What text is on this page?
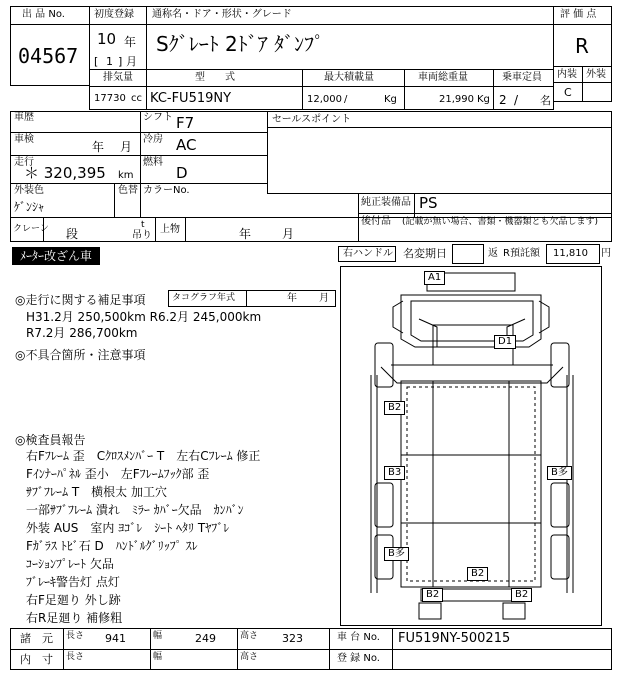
出 品 No.
04567
初度登録 通称名・ドア・形状・グレード
10 年
[ 1 ] 月
Sｸﾞﾚｰﾄ 2ﾄﾞｱ ﾀﾞﾝﾌﾟ
評 価 点
R
内装 外装
C
排気量	型　　式	最大積載量	車両総重量	乗車定員
17730 cc KC-FU519NY	12,000 /	Kg	21,990 Kg 2 / 名
車歴	シフト F7	セールスポイント
車検
年 月
冷房 AC
走行
＊ 320,395 km
燃料
D
外装色
ｹﾞﾝｼｬ
色替 カラーNo.
純正装備品 PS
後付品 (記載が無い場合、書類・機器類とも欠品します)
クレーン 段
t
吊り
上物	年	月
ﾒｰﾀｰ改ざん車	右ハンドル 名変期日	返 R預託額 11,810 円
◎走行に関する補足事項	タコグラフ年式	年 月
H31.2月 250,500km R6.2月 245,000km
R7.2月 286,700km
◎不具合箇所・注意事項
◎検査員報告
右Fﾌﾚｰﾑ 歪　Cｸﾛｽﾒﾝﾊﾞｰ T　左右Cﾌﾚｰﾑ 修正
Fｲﾝﾅｰﾊﾟﾈﾙ 歪小　左Fﾌﾚｰﾑﾌｯｸ部 歪
ｻﾌﾞﾌﾚｰﾑ T　横根太 加工穴
一部ｻﾌﾞﾌﾚｰﾑ 潰れ　ﾐﾗｰ ｶﾊﾞｰ欠品　ｶﾝﾊﾞﾝ
外装 AUS　室内 ﾖｺﾞﾚ　ｼｰﾄ ﾍﾀﾘ Tﾔﾌﾞﾚ
Fｶﾞﾗｽ ﾄﾋﾞ石 D　ﾊﾝﾄﾞﾙｸﾞﾘｯﾌﾟ ｽﾚ
ｺｰｼｮﾝﾌﾟﾚｰﾄ 欠品
ﾌﾞﾚｰｷ警告灯 点灯
右F足廻り 外し跡
右R足廻り 補修粗
A1
D1
B2
B3	B多
B多
B2
B2	B2
諸　元 長さ 941	幅	249	高さ 323	車 台 No. FU519NY-500215
内　寸 長さ	幅	高さ	登 録 No.
